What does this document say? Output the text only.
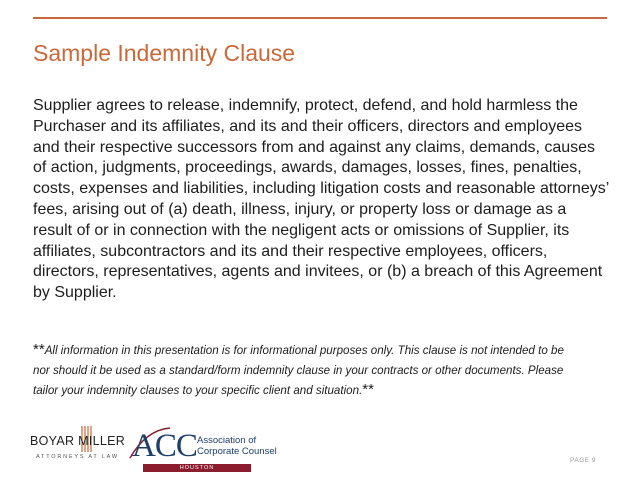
Sample Indemnity Clause
Supplier agrees to release, indemnify, protect, defend, and hold harmless the
Purchaser and its affiliates, and its and their officers, directors and employees
and their respective successors from and against any claims, demands, causes
of action, judgments, proceedings, awards, damages, losses, fines, penalties,
costs, expenses and liabilities, including litigation costs and reasonable attorneys’
fees, arising out of (a) death, illness, injury, or property loss or damage as a
result of or in connection with the negligent acts or omissions of Supplier, its
affiliates, subcontractors and its and their respective employees, officers,
directors, representatives, agents and invitees, or (b) a breach of this Agreement
by Supplier.
**All information in this presentation is for informational purposes only. This clause is not intended to be
nor should it be used as a standard/form indemnity clause in your contracts or other documents. Please
tailor your indemnity clauses to your specific client and situation.**
BOYAR MILLER
ATTORNEYS AT LAW ACC Association of
Corporate Counsel
HOUSTON
PAGE 9
